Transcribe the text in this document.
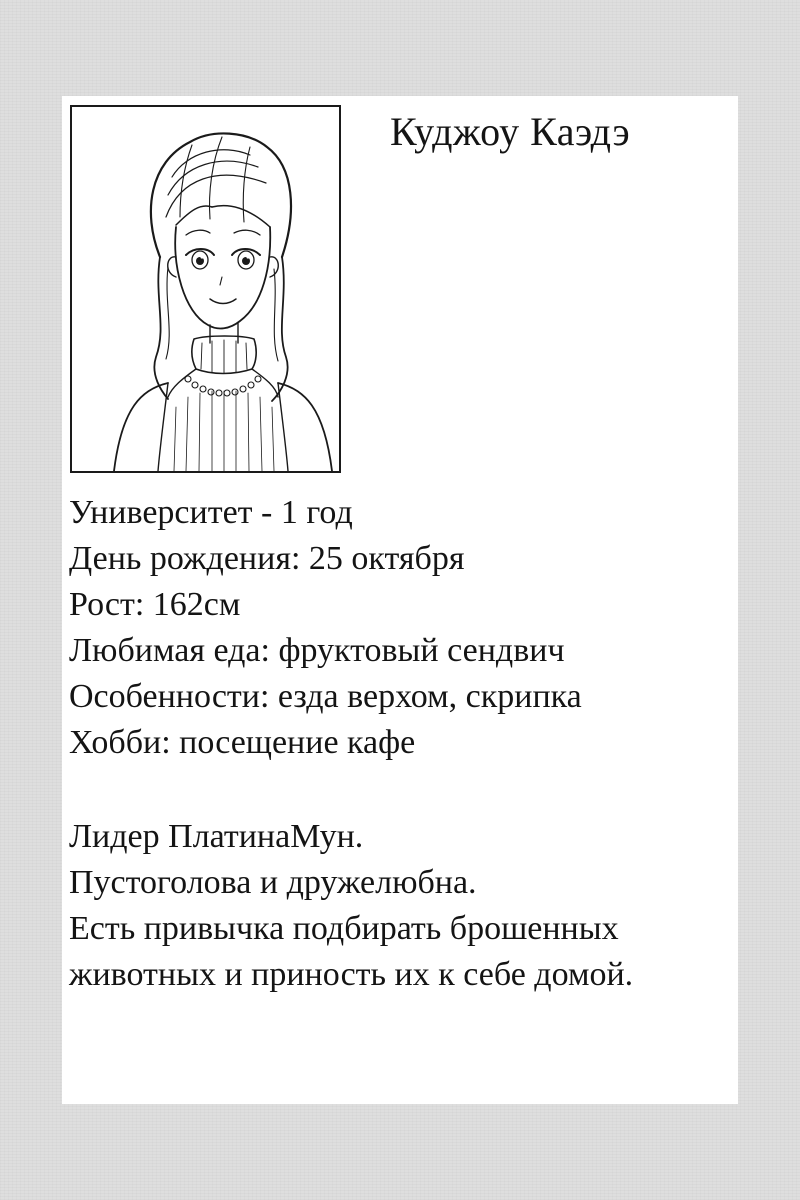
Куджоу Каэдэ
Университет - 1 год
День рождения: 25 октября
Рост: 162см
Любимая еда: фруктовый сендвич
Особенности: езда верхом, скрипка
Хобби: посещение кафе
Лидер ПлатинаМун.
Пустоголова и дружелюбна.
Есть привычка подбирать брошенных
животных и приность их к себе домой.
